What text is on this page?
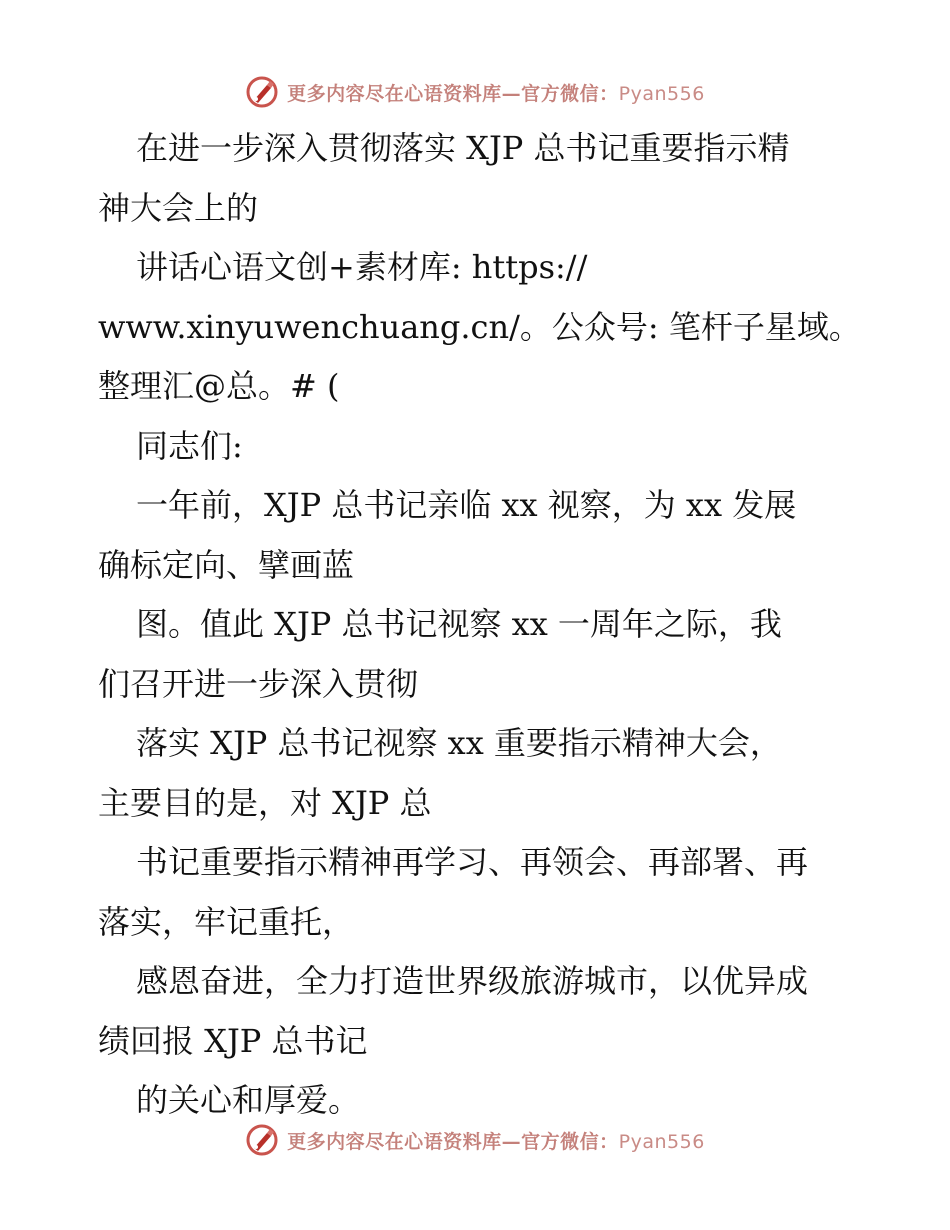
更多内容尽在心语资料库—官方微信：Pyan556

在进一步深入贯彻落实 XJP 总书记重要指示精
神大会上的

讲话心语文创+素材库: https://
www.xinyuwenchuang.cn/。公众号: 笔杆子星域。
整理汇@总。# (

同志们:

一年前，XJP 总书记亲临 xx 视察，为 xx 发展
确标定向、擘画蓝

图。值此 XJP 总书记视察 xx 一周年之际，我
们召开进一步深入贯彻

落实 XJP 总书记视察 xx 重要指示精神大会，
主要目的是，对 XJP 总

书记重要指示精神再学习、再领会、再部署、再
落实，牢记重托，

感恩奋进，全力打造世界级旅游城市，以优异成
绩回报 XJP 总书记

的关心和厚爱。

更多内容尽在心语资料库—官方微信：Pyan556
